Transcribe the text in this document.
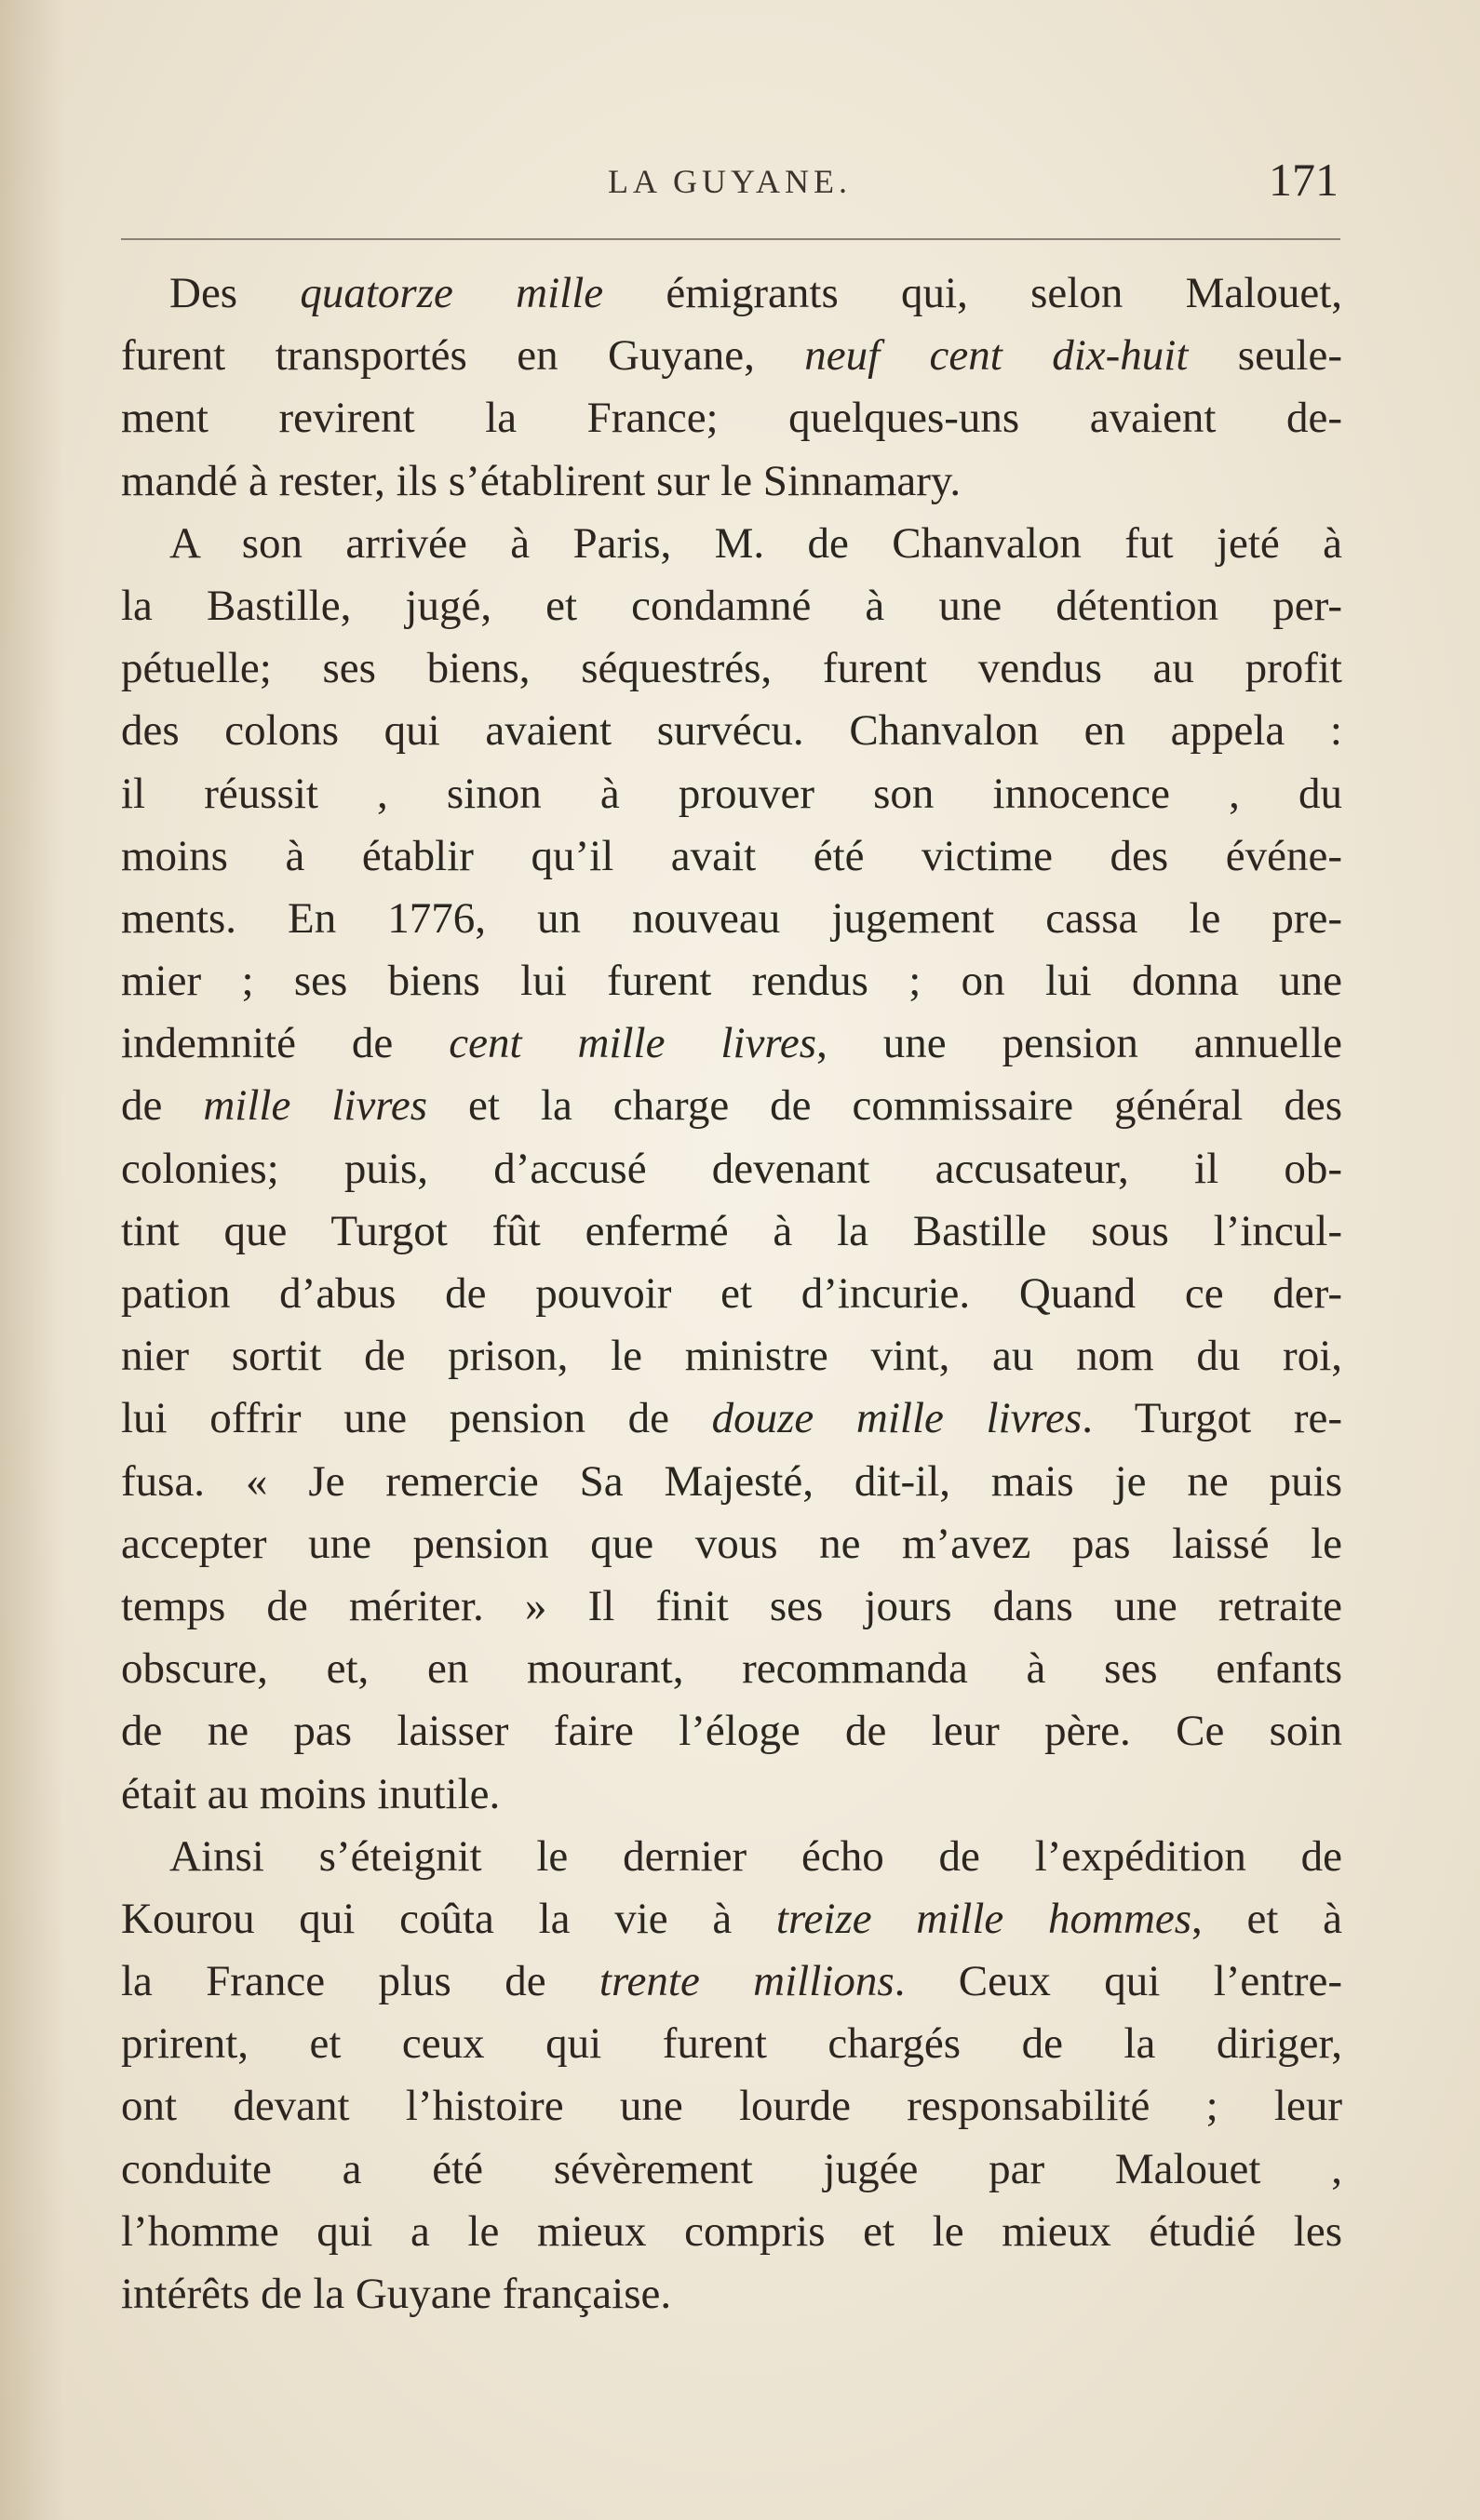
LA GUYANE.	171
Des quatorze mille émigrants qui, selon Malouet,
furent transportés en Guyane, neuf cent dix-huit seule-
ment revirent la France; quelques-uns avaient de-
mandé à rester, ils s’établirent sur le Sinnamary.
A son arrivée à Paris, M. de Chanvalon fut jeté à
la Bastille, jugé, et condamné à une détention per-
pétuelle; ses biens, séquestrés, furent vendus au profit
des colons qui avaient survécu. Chanvalon en appela :
il réussit , sinon à prouver son innocence , du
moins à établir qu’il avait été victime des événe-
ments. En 1776, un nouveau jugement cassa le pre-
mier ; ses biens lui furent rendus ; on lui donna une
indemnité de cent mille livres, une pension annuelle
de mille livres et la charge de commissaire général des
colonies; puis, d’accusé devenant accusateur, il ob-
tint que Turgot fût enfermé à la Bastille sous l’incul-
pation d’abus de pouvoir et d’incurie. Quand ce der-
nier sortit de prison, le ministre vint, au nom du roi,
lui offrir une pension de douze mille livres. Turgot re-
fusa. « Je remercie Sa Majesté, dit-il, mais je ne puis
accepter une pension que vous ne m’avez pas laissé le
temps de mériter. » Il finit ses jours dans une retraite
obscure, et, en mourant, recommanda à ses enfants
de ne pas laisser faire l’éloge de leur père. Ce soin
était au moins inutile.
Ainsi s’éteignit le dernier écho de l’expédition de
Kourou qui coûta la vie à treize mille hommes, et à
la France plus de trente millions. Ceux qui l’entre-
prirent, et ceux qui furent chargés de la diriger,
ont devant l’histoire une lourde responsabilité ; leur
conduite a été sévèrement jugée par Malouet ,
l’homme qui a le mieux compris et le mieux étudié les
intérêts de la Guyane française.
